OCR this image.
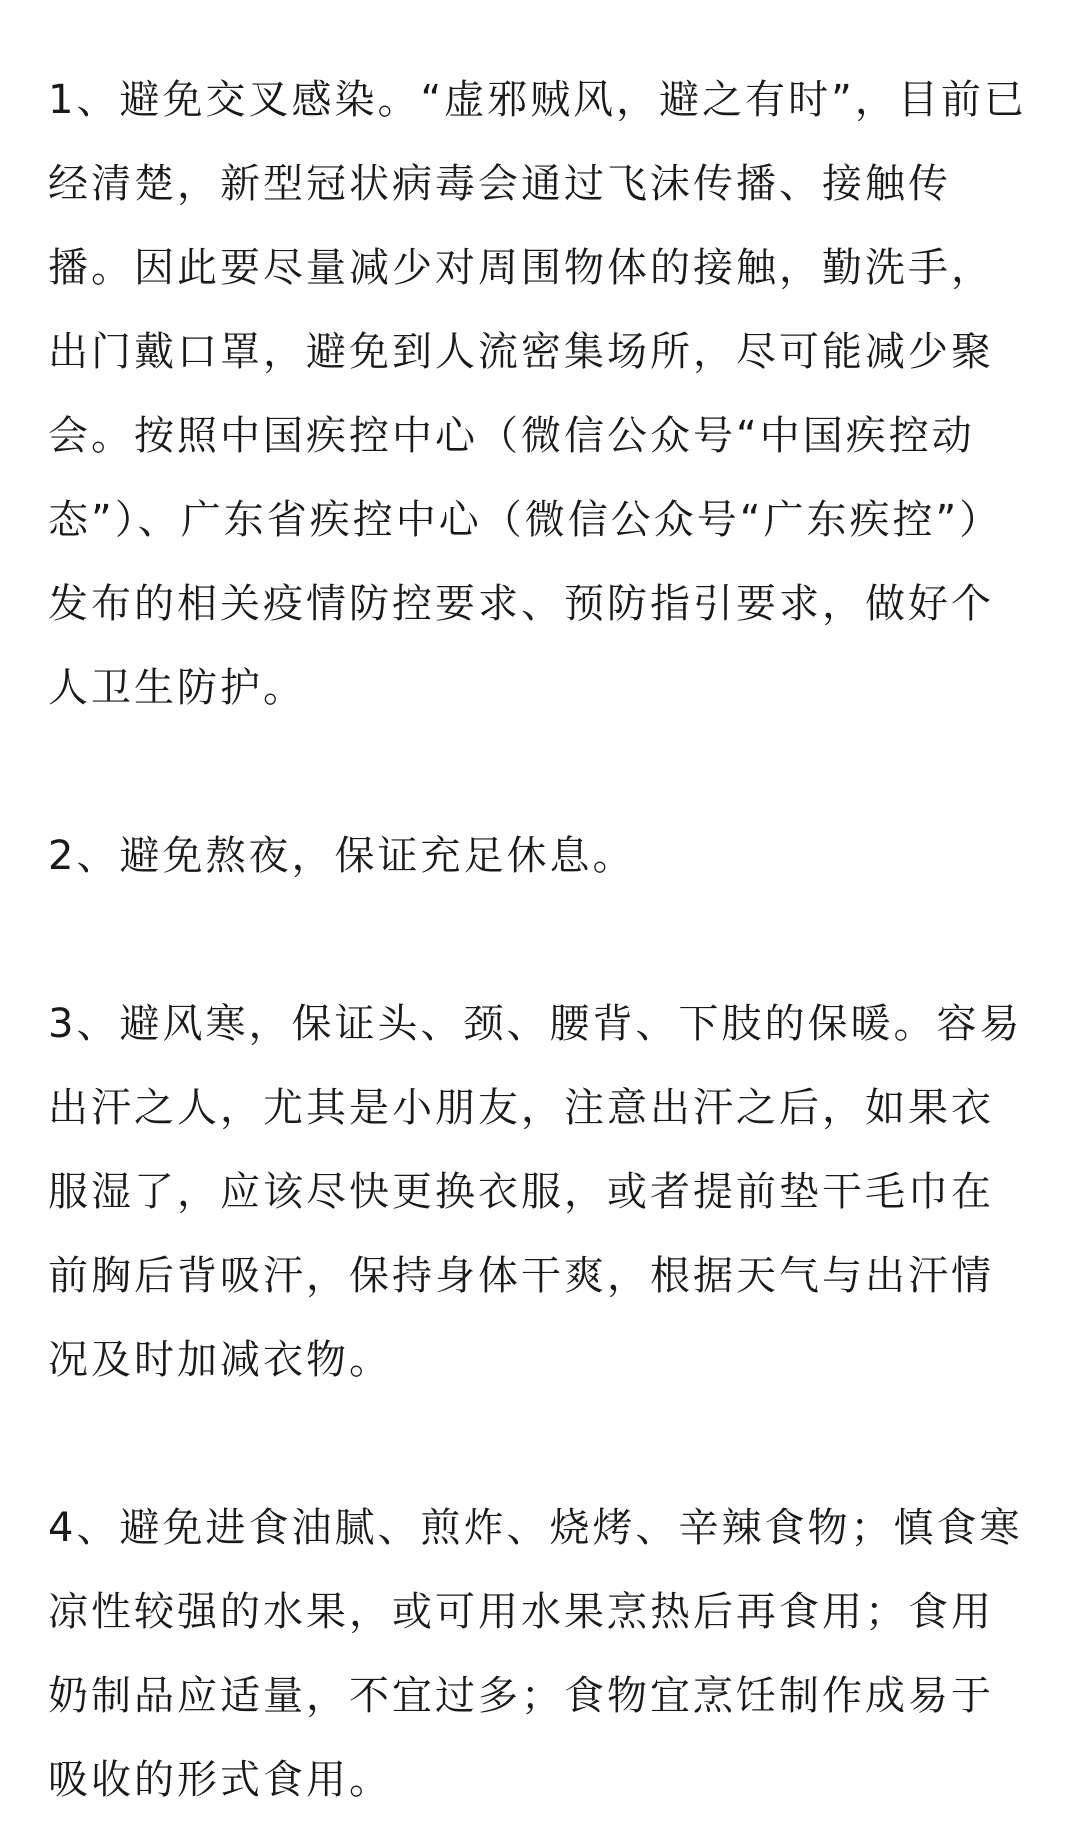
1、避免交叉感染。“虚邪贼风，避之有时”，目前已经清楚，新型冠状病毒会通过飞沫传播、接触传播。因此要尽量减少对周围物体的接触，勤洗手，出门戴口罩，避免到人流密集场所，尽可能减少聚会。按照中国疾控中心（微信公众号“中国疾控动态”）、广东省疾控中心（微信公众号“广东疾控”）发布的相关疫情防控要求、预防指引要求，做好个人卫生防护。

2、避免熬夜，保证充足休息。

3、避风寒，保证头、颈、腰背、下肢的保暖。容易出汗之人，尤其是小朋友，注意出汗之后，如果衣服湿了，应该尽快更换衣服，或者提前垫干毛巾在前胸后背吸汗，保持身体干爽，根据天气与出汗情况及时加减衣物。

4、避免进食油腻、煎炸、烧烤、辛辣食物；慎食寒凉性较强的水果，或可用水果烹热后再食用；食用奶制品应适量，不宜过多；食物宜烹饪制作成易于吸收的形式食用。
